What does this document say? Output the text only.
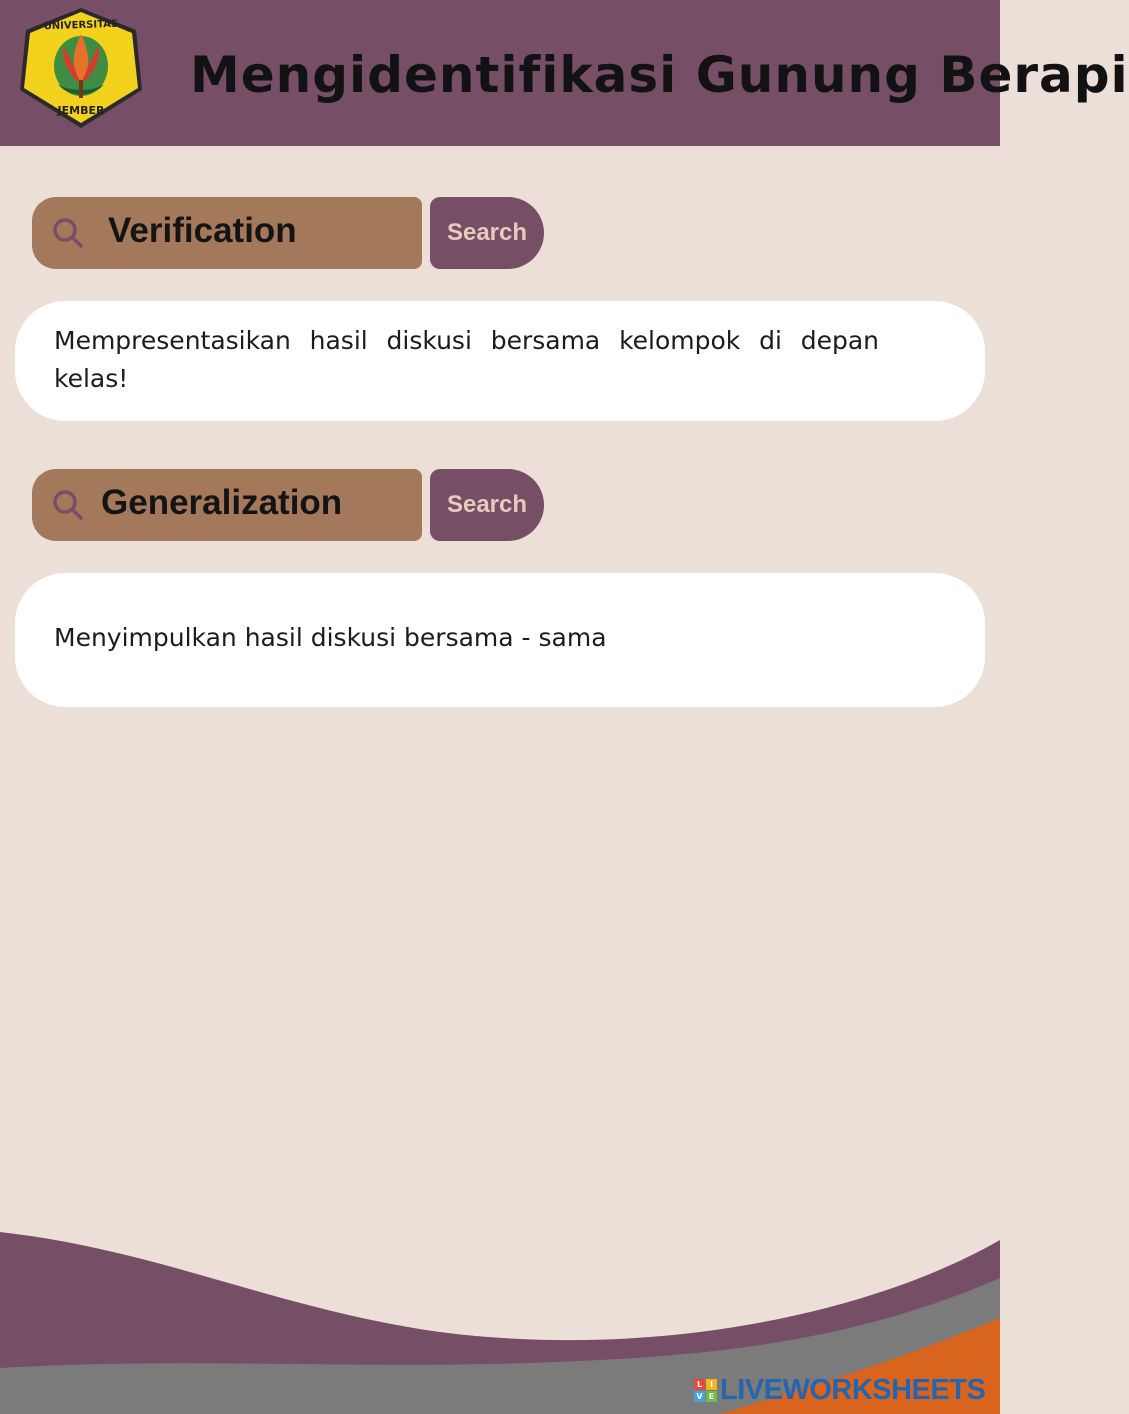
UNIVERSITAS
JEMBER
Mengidentifikasi Gunung Berapi
Verification	Search
Mempresentasikan hasil diskusi bersama kelompok di depan kelas!
Generalization	Search
Menyimpulkan hasil diskusi bersama - sama
L I
V E LIVEWORKSHEETS
